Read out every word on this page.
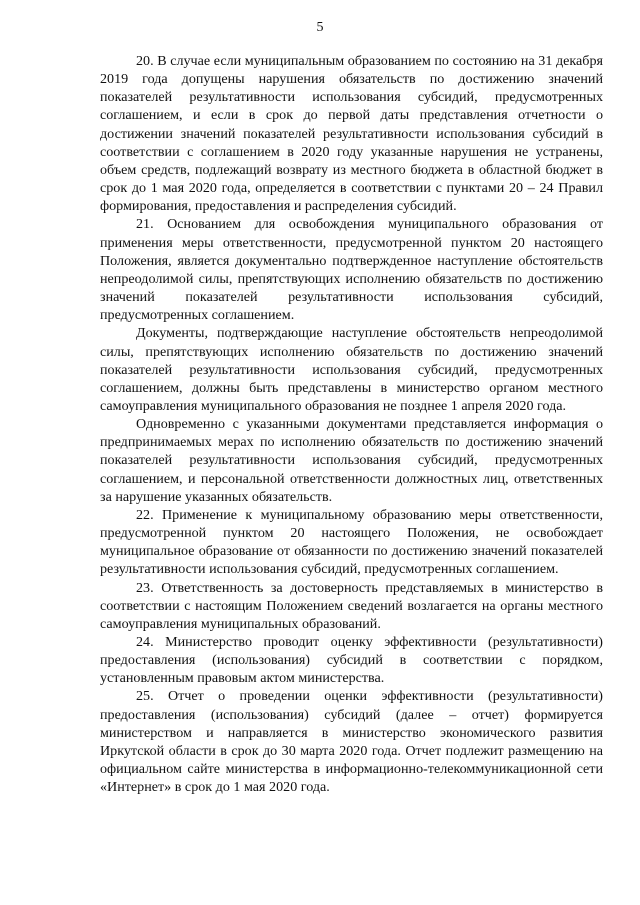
5

20. В случае если муниципальным образованием по состоянию на 31 декабря 2019 года допущены нарушения обязательств по достижению значений показателей результативности использования субсидий, предусмотренных соглашением, и если в срок до первой даты представления отчетности о достижении значений показателей результативности использования субсидий в соответствии с соглашением в 2020 году указанные нарушения не устранены, объем средств, подлежащий возврату из местного бюджета в областной бюджет в срок до 1 мая 2020 года, определяется в соответствии с пунктами 20 – 24 Правил формирования, предоставления и распределения субсидий.

21. Основанием для освобождения муниципального образования от применения меры ответственности, предусмотренной пунктом 20 настоящего Положения, является документально подтвержденное наступление обстоятельств непреодолимой силы, препятствующих исполнению обязательств по достижению значений показателей результативности использования субсидий, предусмотренных соглашением.

Документы, подтверждающие наступление обстоятельств непреодолимой силы, препятствующих исполнению обязательств по достижению значений показателей результативности использования субсидий, предусмотренных соглашением, должны быть представлены в министерство органом местного самоуправления муниципального образования не позднее 1 апреля 2020 года.

Одновременно с указанными документами представляется информация о предпринимаемых мерах по исполнению обязательств по достижению значений показателей результативности использования субсидий, предусмотренных соглашением, и персональной ответственности должностных лиц, ответственных за нарушение указанных обязательств.

22. Применение к муниципальному образованию меры ответственности, предусмотренной пунктом 20 настоящего Положения, не освобождает муниципальное образование от обязанности по достижению значений показателей результативности использования субсидий, предусмотренных соглашением.

23. Ответственность за достоверность представляемых в министерство в соответствии с настоящим Положением сведений возлагается на органы местного самоуправления муниципальных образований.

24. Министерство проводит оценку эффективности (результативности) предоставления (использования) субсидий в соответствии с порядком, установленным правовым актом министерства.

25. Отчет о проведении оценки эффективности (результативности) предоставления (использования) субсидий (далее – отчет) формируется министерством и направляется в министерство экономического развития Иркутской области в срок до 30 марта 2020 года. Отчет подлежит размещению на официальном сайте министерства в информационно-телекоммуникационной сети «Интернет» в срок до 1 мая 2020 года.
